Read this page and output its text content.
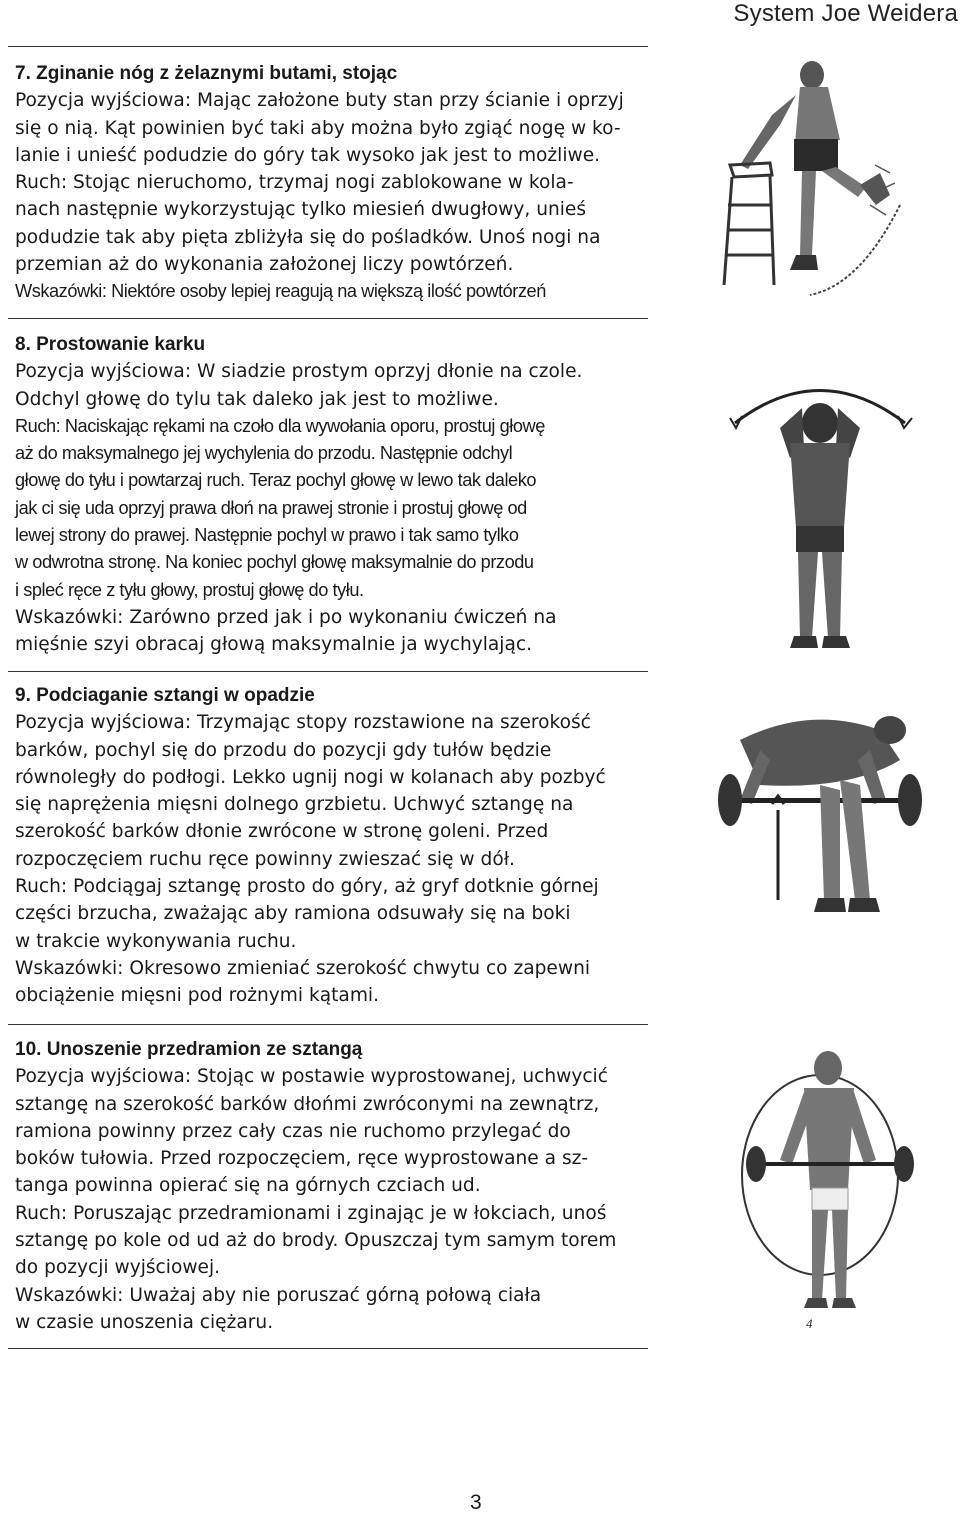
System Joe Weidera
7. Zginanie nóg z żelaznymi butami, stojąc
Pozycja wyjściowa: Mając założone buty stan przy ścianie i oprzyj
się o nią. Kąt powinien być taki aby można było zgiąć nogę w ko-
lanie i unieść podudzie do góry tak wysoko jak jest to możliwe.
Ruch: Stojąc nieruchomo, trzymaj nogi zablokowane w kola-
nach następnie wykorzystując tylko miesień dwugłowy, unieś
podudzie tak aby pięta zbliżyła się do pośladków. Unoś nogi na
przemian aż do wykonania założonej liczy powtórzeń.
Wskazówki: Niektóre osoby lepiej reagują na większą ilość powtórzeń
8. Prostowanie karku
Pozycja wyjściowa: W siadzie prostym oprzyj dłonie na czole.
Odchyl głowę do tylu tak daleko jak jest to możliwe.
Ruch: Naciskając rękami na czoło dla wywołania oporu, prostuj głowę
aż do maksymalnego jej wychylenia do przodu. Następnie odchyl
głowę do tyłu i powtarzaj ruch. Teraz pochyl głowę w lewo tak daleko
jak ci się uda oprzyj prawa dłoń na prawej stronie i prostuj głowę od
lewej strony do prawej. Następnie pochyl w prawo i tak samo tylko
w odwrotna stronę. Na koniec pochyl głowę maksymalnie do przodu
i spleć ręce z tyłu głowy, prostuj głowę do tyłu.
Wskazówki: Zarówno przed jak i po wykonaniu ćwiczeń na
mięśnie szyi obracaj głową maksymalnie ja wychylając.
9. Podciaganie sztangi w opadzie
Pozycja wyjściowa: Trzymając stopy rozstawione na szerokość
barków, pochyl się do przodu do pozycji gdy tułów będzie
równoległy do podłogi. Lekko ugnij nogi w kolanach aby pozbyć
się naprężenia mięsni dolnego grzbietu. Uchwyć sztangę na
szerokość barków dłonie zwrócone w stronę goleni. Przed
rozpoczęciem ruchu ręce powinny zwieszać się w dół.
Ruch: Podciągaj sztangę prosto do góry, aż gryf dotknie górnej
części brzucha, zważając aby ramiona odsuwały się na boki
w trakcie wykonywania ruchu.
Wskazówki: Okresowo zmieniać szerokość chwytu co zapewni
obciążenie mięsni pod rożnymi kątami.
10. Unoszenie przedramion ze sztangą
Pozycja wyjściowa: Stojąc w postawie wyprostowanej, uchwycić
sztangę na szerokość barków dłońmi zwróconymi na zewnątrz,
ramiona powinny przez cały czas nie ruchomo przylegać do
boków tułowia. Przed rozpoczęciem, ręce wyprostowane a sz-
tanga powinna opierać się na górnych czciach ud.
Ruch: Poruszając przedramionami i zginając je w łokciach, unoś
sztangę po kole od ud aż do brody. Opuszczaj tym samym torem
do pozycji wyjściowej.
Wskazówki: Uważaj aby nie poruszać górną połową ciała
w czasie unoszenia ciężaru.	4
3
